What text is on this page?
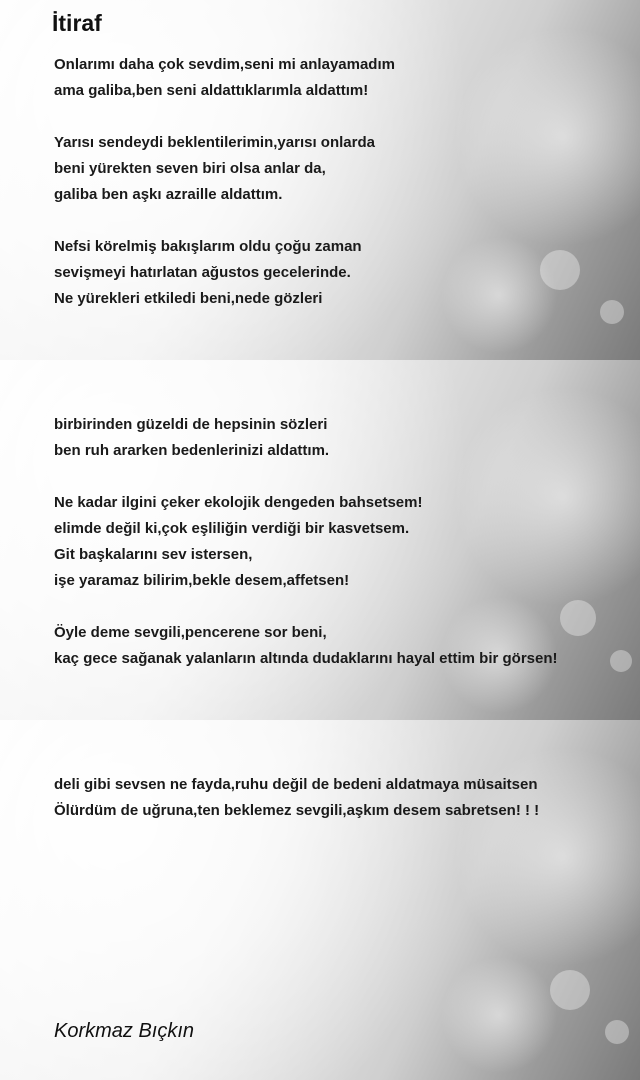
İtiraf

Onlarımı daha çok sevdim,seni mi anlayamadım
ama galiba,ben seni aldattıklarımla aldattım!

Yarısı sendeydi beklentilerimin,yarısı onlarda
beni yürekten seven biri olsa anlar da,
galiba ben aşkı azraille aldattım.

Nefsi körelmiş bakışlarım oldu çoğu zaman
sevişmeyi hatırlatan ağustos gecelerinde.
Ne yürekleri etkiledi beni,nede gözleri

birbirinden güzeldi de hepsinin sözleri
ben ruh ararken bedenlerinizi aldattım.

Ne kadar ilgini çeker ekolojik dengeden bahsetsem!
elimde değil ki,çok eşliliğin verdiği bir kasvetsem.
Git başkalarını sev istersen,
işe yaramaz bilirim,bekle desem,affetsen!

Öyle deme sevgili,pencerene sor beni,
kaç gece sağanak yalanların altında dudaklarını hayal ettim bir görsen!

deli gibi sevsen ne fayda,ruhu değil de bedeni aldatmaya müsaitsen
Ölürdüm de uğruna,ten beklemez sevgili,aşkım desem sabretsen! ! !

Korkmaz Bıçkın
